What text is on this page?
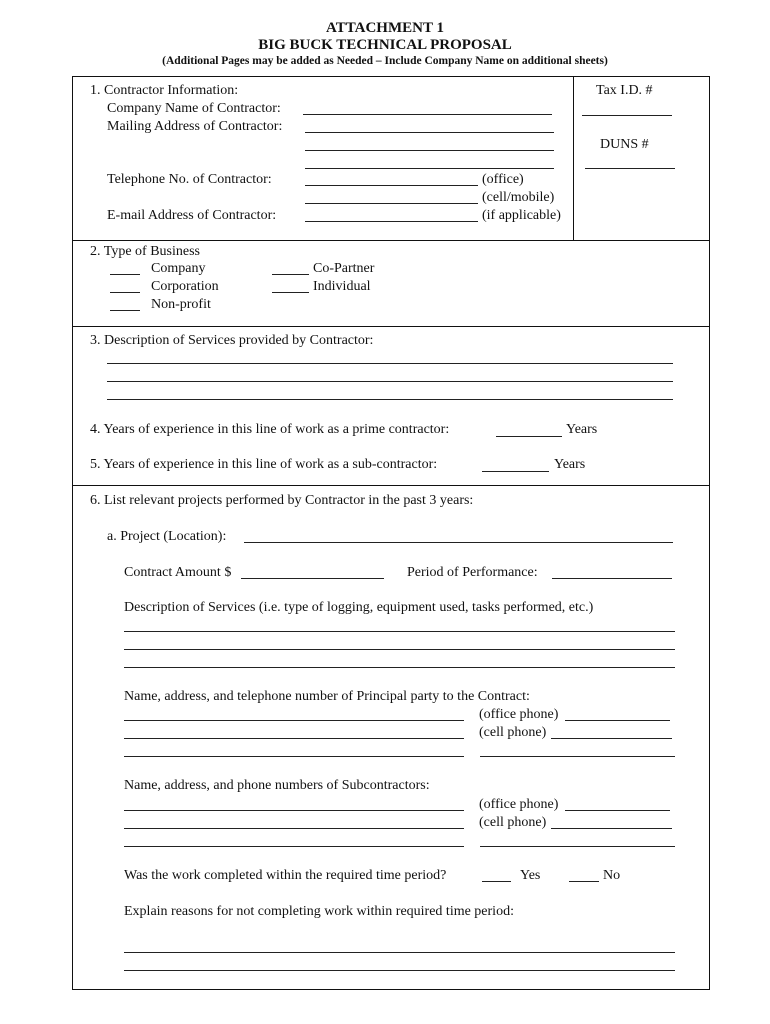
ATTACHMENT 1
BIG BUCK TECHNICAL PROPOSAL
(Additional Pages may be added as Needed – Include Company Name on additional sheets)
1. Contractor Information:
Company Name of Contractor:
Mailing Address of Contractor:
Telephone No. of Contractor:	(office)
(cell/mobile)
E-mail Address of Contractor:	(if applicable)
Tax I.D. #
DUNS #
2. Type of Business
Company
Corporation
Non-profit
Co-Partner
Individual
3. Description of Services provided by Contractor:
4. Years of experience in this line of work as a prime contractor:	Years
5. Years of experience in this line of work as a sub-contractor:	Years
6. List relevant projects performed by Contractor in the past 3 years:
a. Project (Location):
Contract Amount $	Period of Performance:
Description of Services (i.e. type of logging, equipment used, tasks performed, etc.)
Name, address, and telephone number of Principal party to the Contract:
(office phone)
(cell phone)
Name, address, and phone numbers of Subcontractors:
(office phone)
(cell phone)
Was the work completed within the required time period?	Yes	No
Explain reasons for not completing work within required time period:
